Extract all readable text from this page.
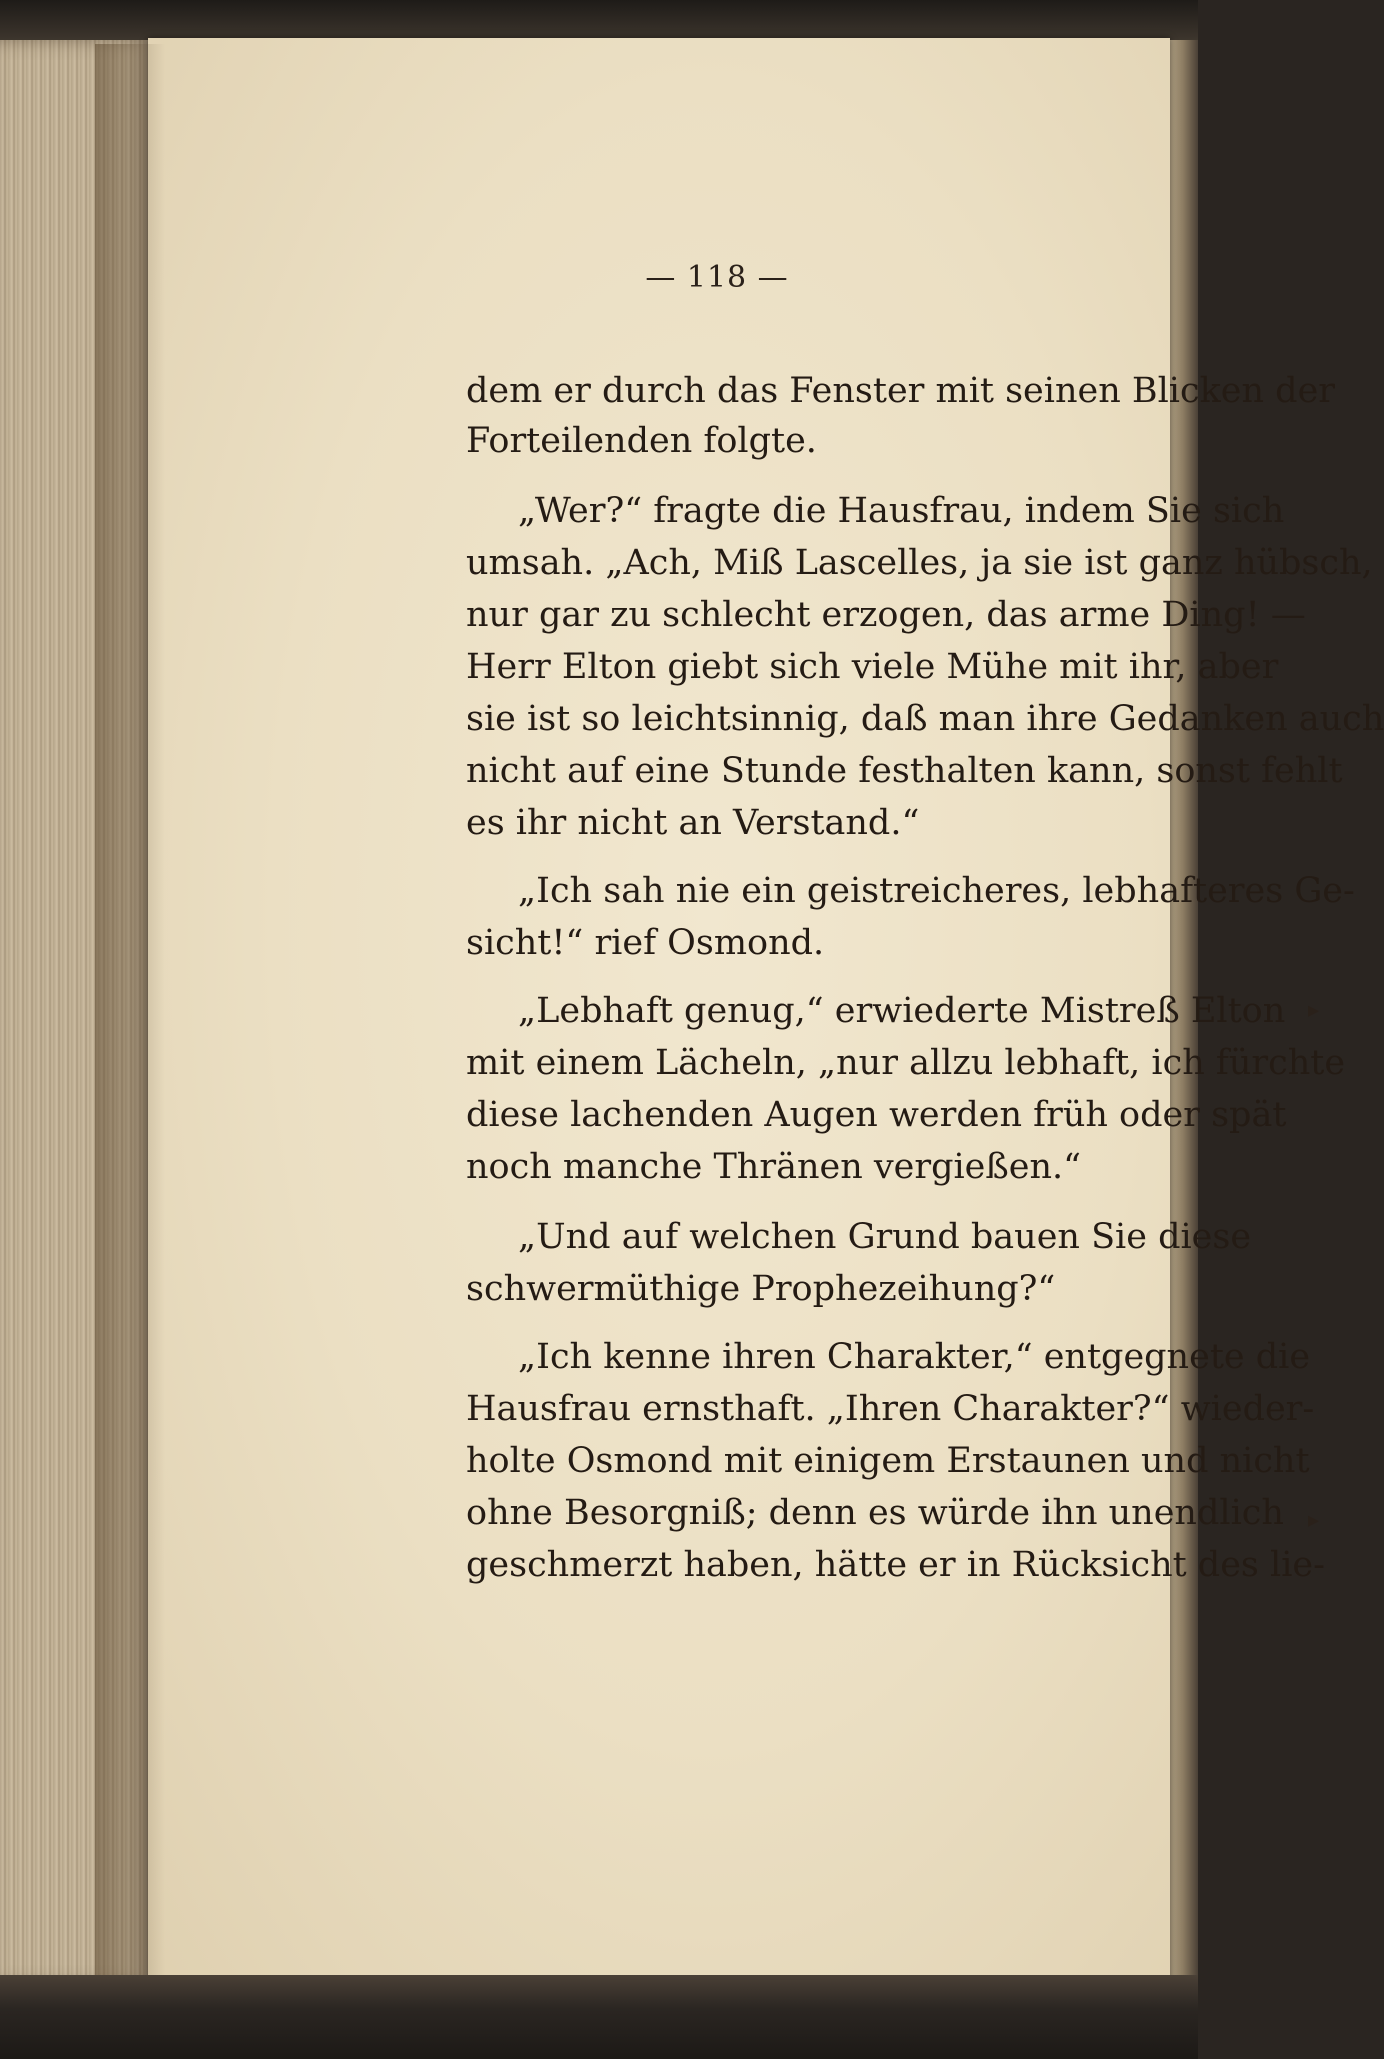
— 118 —
dem er durch das Fenster mit seinen Blicken der
Forteilenden folgte.
„Wer?“ fragte die Hausfrau, indem Sie sich
umsah. „Ach, Miß Lascelles, ja sie ist ganz hübsch,
nur gar zu schlecht erzogen, das arme Ding! —
Herr Elton giebt sich viele Mühe mit ihr, aber
sie ist so leichtsinnig, daß man ihre Gedanken auch
nicht auf eine Stunde festhalten kann, sonst fehlt
es ihr nicht an Verstand.“
„Ich sah nie ein geistreicheres, lebhafteres Ge-
sicht!“ rief Osmond.
„Lebhaft genug,“ erwiederte Mistreß Elton
mit einem Lächeln, „nur allzu lebhaft, ich fürchte
diese lachenden Augen werden früh oder spät
noch manche Thränen vergießen.“
„Und auf welchen Grund bauen Sie diese
schwermüthige Prophezeihung?“
„Ich kenne ihren Charakter,“ entgegnete die
Hausfrau ernsthaft. „Ihren Charakter?“ wieder-
holte Osmond mit einigem Erstaunen und nicht
ohne Besorgniß; denn es würde ihn unendlich
geschmerzt haben, hätte er in Rücksicht des lie-
▸
▸
